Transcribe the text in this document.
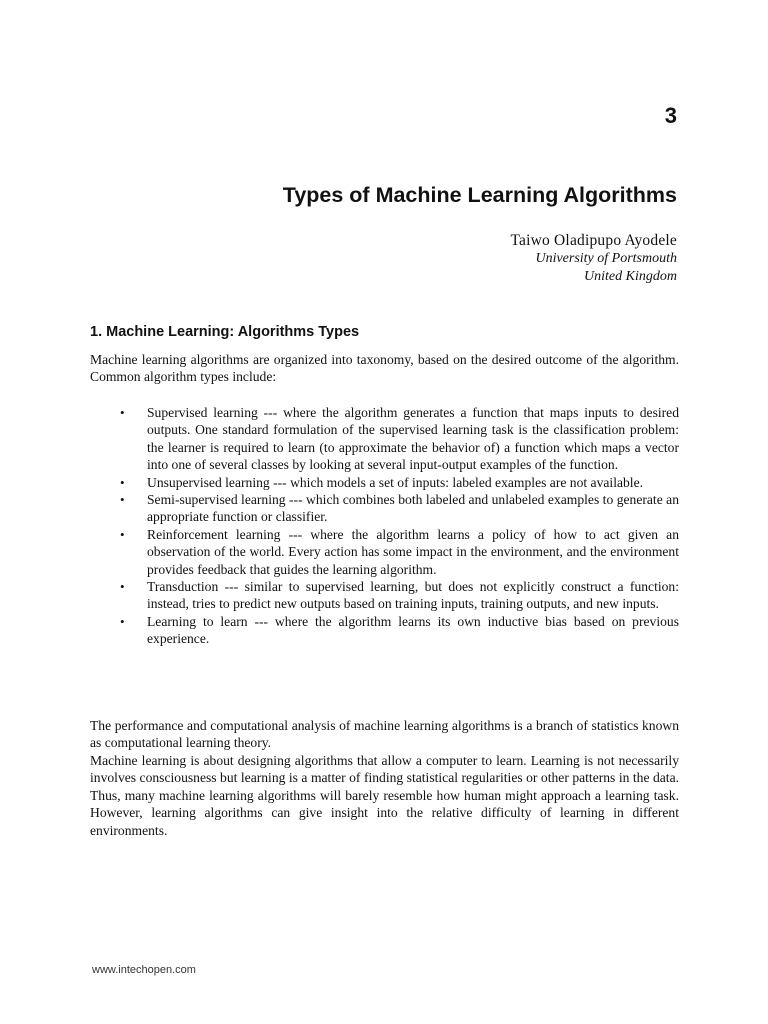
3
Types of Machine Learning Algorithms
Taiwo Oladipupo Ayodele
University of Portsmouth
United Kingdom
1. Machine Learning: Algorithms Types

Machine learning algorithms are organized into taxonomy, based on the desired outcome of the algorithm. Common algorithm types include:

• Supervised learning --- where the algorithm generates a function that maps inputs to desired outputs. One standard formulation of the supervised learning task is the classification problem: the learner is required to learn (to approximate the behavior of) a function which maps a vector into one of several classes by looking at several input-output examples of the function.
• Unsupervised learning --- which models a set of inputs: labeled examples are not available.
• Semi-supervised learning --- which combines both labeled and unlabeled examples to generate an appropriate function or classifier.
• Reinforcement learning --- where the algorithm learns a policy of how to act given an observation of the world. Every action has some impact in the environment, and the environment provides feedback that guides the learning algorithm.
• Transduction --- similar to supervised learning, but does not explicitly construct a function: instead, tries to predict new outputs based on training inputs, training outputs, and new inputs.
• Learning to learn --- where the algorithm learns its own inductive bias based on previous experience.

The performance and computational analysis of machine learning algorithms is a branch of statistics known as computational learning theory.

Machine learning is about designing algorithms that allow a computer to learn. Learning is not necessarily involves consciousness but learning is a matter of finding statistical regularities or other patterns in the data. Thus, many machine learning algorithms will barely resemble how human might approach a learning task. However, learning algorithms can give insight into the relative difficulty of learning in different environments.

www.intechopen.com
